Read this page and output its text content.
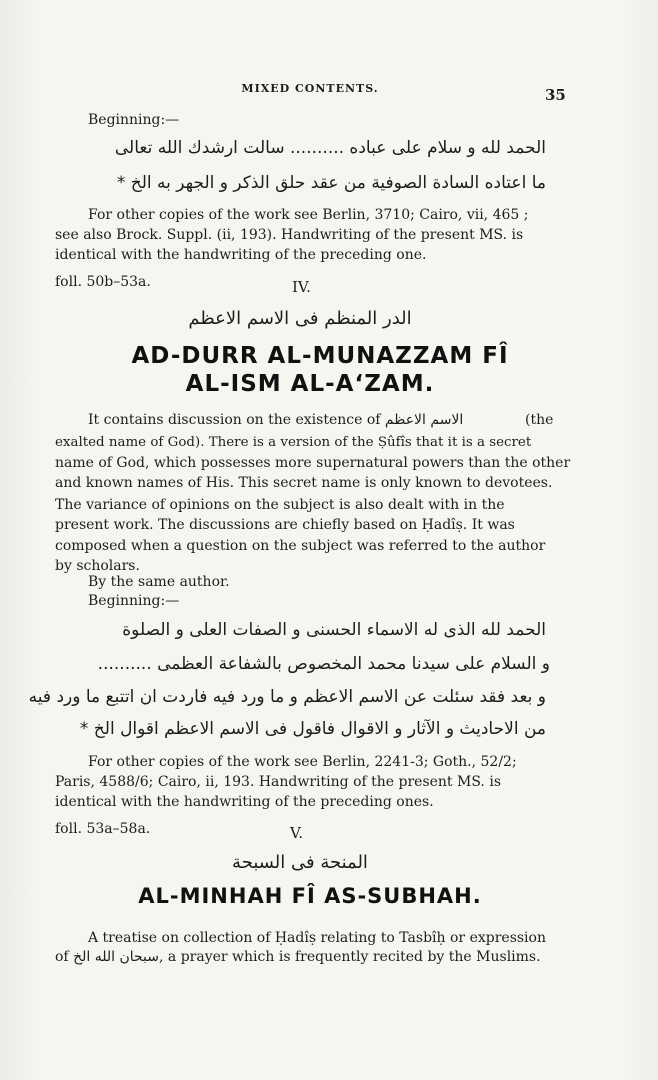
MIXED CONTENTS.	35
Beginning:—
الحمد لله و سلام على عباده .......... سالت ارشدك الله تعالى
ما اعتاده السادة الصوفية من عقد حلق الذكر و الجهر به الخ *
For other copies of the work see Berlin, 3710; Cairo, vii, 465 ;
see also Brock. Suppl. (ii, 193). Handwriting of the present MS. is
identical with the handwriting of the preceding one.
foll. 50b–53a.	IV.
الدر المنظم فى الاسم الاعظم
AD-DURR AL-MUNAZZAM FÎ
AL-ISM AL-A‘ZAM.
It contains discussion on the existence of الاسم الاعظم	(the
exalted name of God). There is a version of the Ṣûfîs that it is a secret
name of God, which possesses more supernatural powers than the other
and known names of His. This secret name is only known to devotees.
The variance of opinions on the subject is also dealt with in the
present work. The discussions are chiefly based on Ḥadîṣ. It was
composed when a question on the subject was referred to the author
by scholars.
By the same author.
Beginning:—
الحمد لله الذى له الاسماء الحسنى و الصفات العلى و الصلوة
و السلام على سيدنا محمد المخصوص بالشفاعة العظمى ..........
و بعد فقد سئلت عن الاسم الاعظم و ما ورد فيه فاردت ان اتتبع ما ورد فيه
من الاحاديث و الآثار و الاقوال فاقول فى الاسم الاعظم اقوال الخ *
For other copies of the work see Berlin, 2241-3; Goth., 52/2;
Paris, 4588/6; Cairo, ii, 193. Handwriting of the present MS. is
identical with the handwriting of the preceding ones.
foll. 53a–58a.	V.
المنحة فى السبحة
AL-MINHAH FÎ AS-SUBHAH.
A treatise on collection of Ḥadîṣ relating to Tasbîḥ or expression
of سبحان الله الخ, a prayer which is frequently recited by the Muslims.
